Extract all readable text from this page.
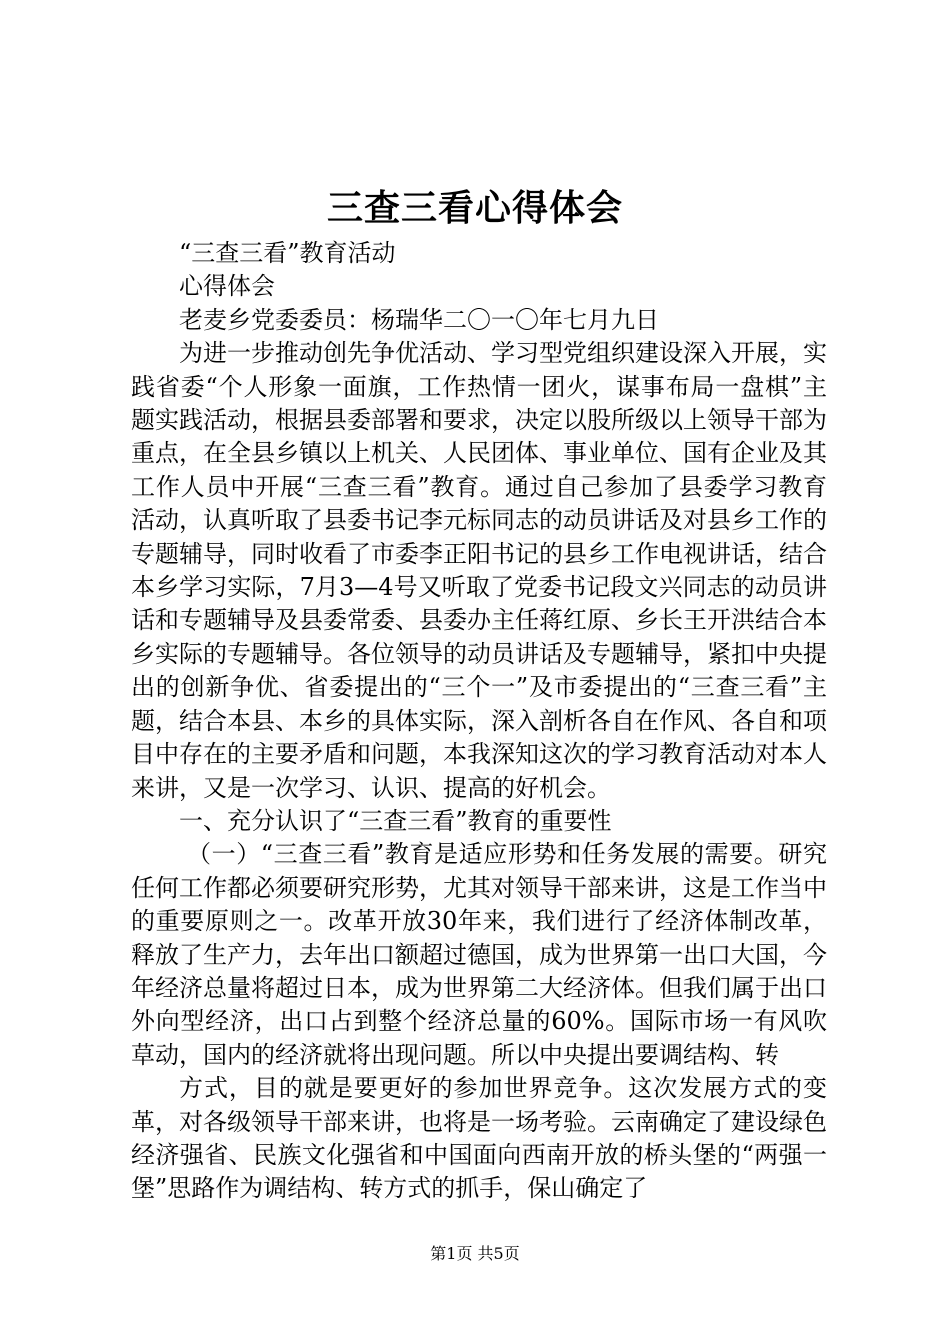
三查三看心得体会

“三查三看”教育活动

心得体会

老麦乡党委委员：杨瑞华二〇一〇年七月九日

为进一步推动创先争优活动、学习型党组织建设深入开展，实践省委“个人形象一面旗，工作热情一团火，谋事布局一盘棋”主题实践活动，根据县委部署和要求，决定以股所级以上领导干部为重点，在全县乡镇以上机关、人民团体、事业单位、国有企业及其工作人员中开展“三查三看”教育。通过自己参加了县委学习教育活动，认真听取了县委书记李元标同志的动员讲话及对县乡工作的专题辅导，同时收看了市委李正阳书记的县乡工作电视讲话，结合本乡学习实际，7月3—4号又听取了党委书记段文兴同志的动员讲话和专题辅导及县委常委、县委办主任蒋红原、乡长王开洪结合本乡实际的专题辅导。各位领导的动员讲话及专题辅导，紧扣中央提出的创新争优、省委提出的“三个一”及市委提出的“三查三看”主题，结合本县、本乡的具体实际，深入剖析各自在作风、各自和项目中存在的主要矛盾和问题，本我深知这次的学习教育活动对本人来讲，又是一次学习、认识、提高的好机会。

一、充分认识了“三查三看”教育的重要性

（一）“三查三看”教育是适应形势和任务发展的需要。研究任何工作都必须要研究形势，尤其对领导干部来讲，这是工作当中的重要原则之一。改革开放30年来，我们进行了经济体制改革，释放了生产力，去年出口额超过德国，成为世界第一出口大国，今年经济总量将超过日本，成为世界第二大经济体。但我们属于出口外向型经济，出口占到整个经济总量的60%。国际市场一有风吹草动，国内的经济就将出现问题。所以中央提出要调结构、转

方式，目的就是要更好的参加世界竞争。这次发展方式的变革，对各级领导干部来讲，也将是一场考验。云南确定了建设绿色经济强省、民族文化强省和中国面向西南开放的桥头堡的“两强一堡”思路作为调结构、转方式的抓手，保山确定了

第1页 共5页
